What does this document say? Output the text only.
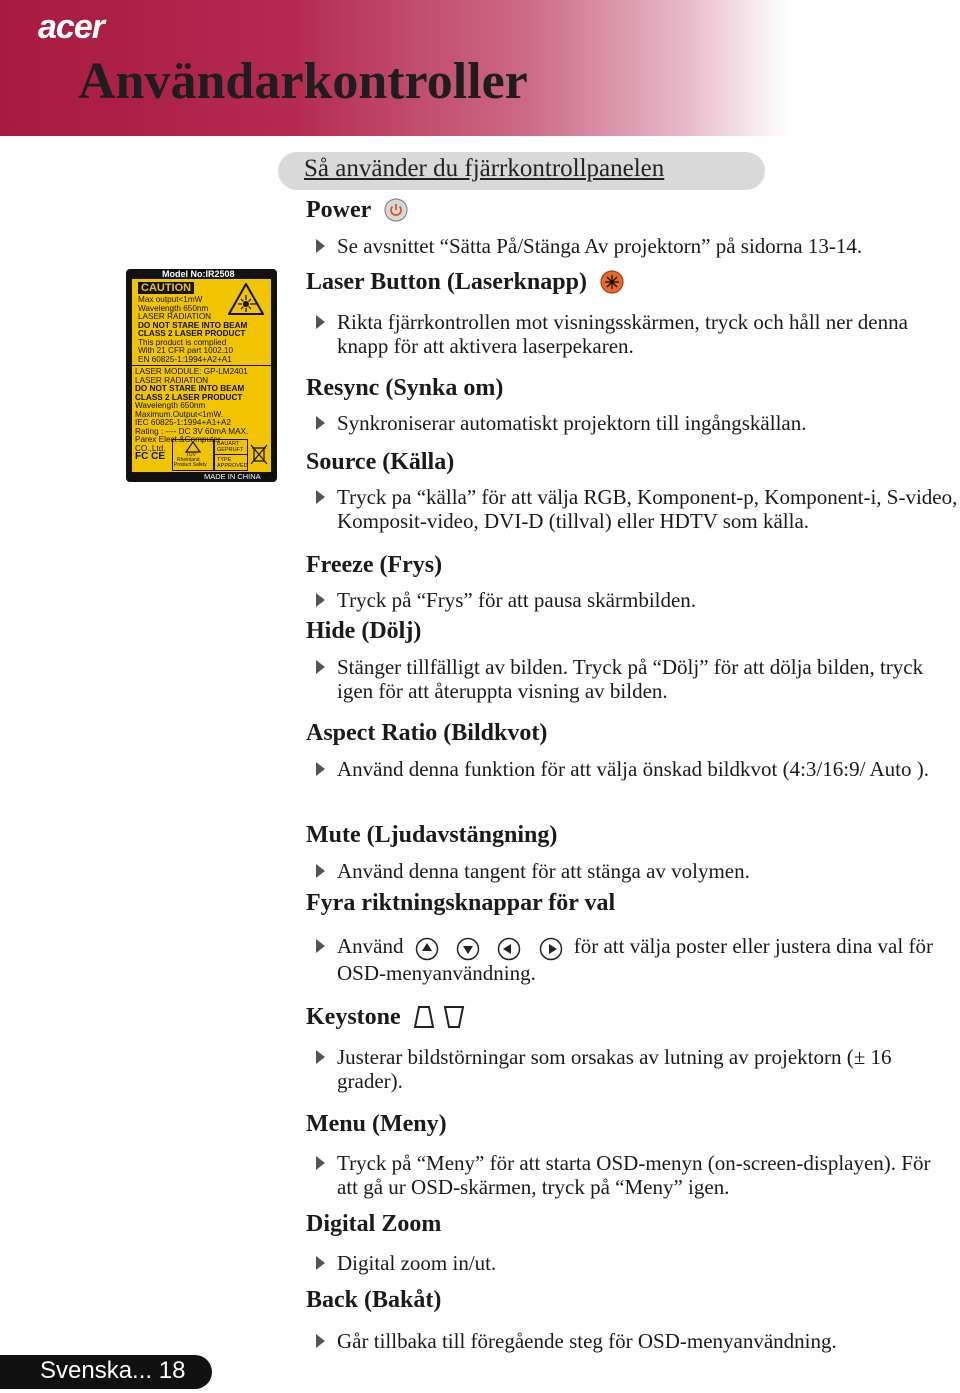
acer
Användarkontroller
Model No:IR2508
CAUTION
Max output<1mW
Wavelength 650nm
LASER RADIATION
DO NOT STARE INTO BEAM
CLASS 2 LASER PRODUCT
This product is complied
With 21 CFR part 1002.10
EN 60825-1:1994+A2+A1
LASER MODULE: GP-LM2401
LASER RADIATION
DO NOT STARE INTO BEAM
CLASS 2 LASER PRODUCT
Wavelength 650nm
Maximum.Output<1mW.
IEC 60825-1:1994+A1+A2
Rating : ---- DC 3V 60mA MAX.
Parex Elect.&Computer
CO.,Ltd.
FC CE	TUV
Rheinland
Product Safety
BAUART
GEPRUFT
TYPE
APPROVED
MADE IN CHINA
Så använder du fjärrkontrollpanelen
Power
Se avsnittet “Sätta På/Stänga Av projektorn” på sidorna 13-14.
Laser Button (Laserknapp)
Rikta fjärrkontrollen mot visningsskärmen, tryck och håll ner denna knapp för att aktivera laserpekaren.
Resync (Synka om)
Synkroniserar automatiskt projektorn till ingångskällan.
Source (Källa)
Tryck pa “källa” för att välja RGB, Komponent-p, Komponent-i, S-video, Komposit-video, DVI-D (tillval) eller HDTV som källa.
Freeze (Frys)
Tryck på “Frys” för att pausa skärmbilden.
Hide (Dölj)
Stänger tillfälligt av bilden. Tryck på “Dölj” för att dölja bilden, tryck igen för att återuppta visning av bilden.
Aspect Ratio (Bildkvot)
Använd denna funktion för att välja önskad bildkvot (4:3/16:9/ Auto ).
Mute (Ljudavstängning)
Använd denna tangent för att stänga av volymen.
Fyra riktningsknappar för val
Använd	för att välja poster eller justera dina val för OSD-menyanvändning.
Keystone
Justerar bildstörningar som orsakas av lutning av projektorn (± 16 grader).
Menu (Meny)
Tryck på “Meny” för att starta OSD-menyn (on-screen-displayen). För att gå ur OSD-skärmen, tryck på “Meny” igen.
Digital Zoom
Digital zoom in/ut.
Back (Bakåt)
Går tillbaka till föregående steg för OSD-menyanvändning.
Svenska... 18
